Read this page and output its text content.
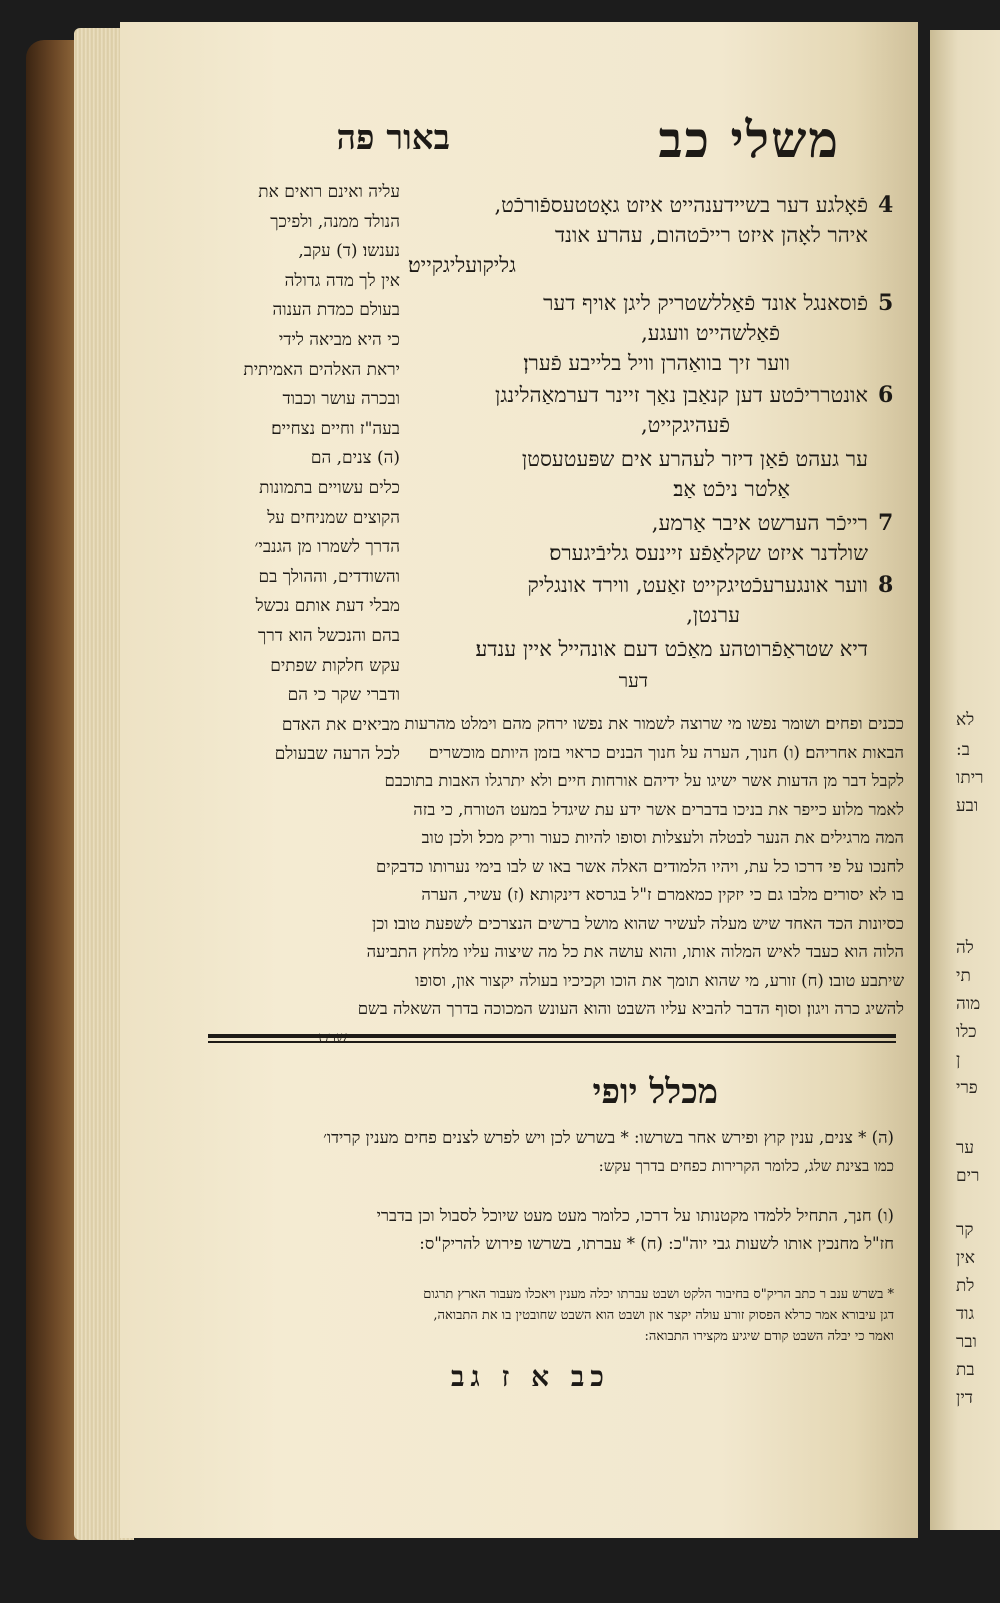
לא
ב:
ריתו
ובע
לה
תי
מוה
כלו
ן
פרי
ער
רים
קר
אין
לת
גוד
ובר
בת
דין
משלי כב
באור פה
4
פֿאָלגע דער בשיידענהייט איזט גאָטטעספֿורכֿט,
איהר לאָהן איזט רייכֿטהום, עהרע אונד
גליקועליגקייט׃
5
פֿוסאנגל אונד פֿאַללשטריק ליגן אויף דער
פֿאַלשהייט וועגע,
ווער זיך בוואַהרן וויל בלייבע פֿערן׃
6
אונטרריכֿטע דען קנאַבן נאַך זיינר דערמאַהלינגן
פֿעהיגקייט,
ער געהט פֿאַן דיזר לעהרע אים שפּעטעסטן
אַלטר ניכֿט אַב׃
7
רייכֿר הערשט איבר אַרמע,
שולדנר איזט שקלאַפֿע זיינעס גליבֿיגערס׃
8
ווער אונגערעכֿטיגקייט זאַעט, ווירד אונגליק
ערנטן,
דיא שטראַפֿרוטהע מאַכֿט דעם אונהייל איין ענדע׃
דער
עליה ואינם רואים את
הנולד ממנה, ולפיכך
נענשו׃ (ד) עקב,
אין לך מדה גדולה
בעולם כמדת הענוה
כי היא מביאה לידי
יראת האלהים האמיתית
ובכרה עושר וכבוד
בעה"ז וחיים נצחיים׃
(ה) צנים, הם
כלים עשויים בתמונות
הקוצים שמניחים על
הדרך לשמרו מן הגנבי׳
והשודדים, וההולך בם
מבלי דעת אותם נכשל
בהם והנכשל הוא דרך
עקש חלקות שפתים
ודברי שקר כי הם
מביאים את האדם
לכל הרעה שבעולם
ככנים ופחים׃ ושומר נפשו מי שרוצה לשמור את נפשו ירחק מהם וימלט מהרעות
הבאות אחריהם׃ (ו) חנוך, הערה על חנוך הבנים כראוי בזמן היותם מוכשרים
לקבל דבר מן הדעות אשר ישיגו על ידיהם אורחות חיים׃ ולא יתרגלו האבות בתוכבם
לאמר מלוע כייפר את בניכו בדברים אשר ידע עת שיגדל במעט הטורח, כי בזה
המה מרגילים את הנער לבטלה ולעצלות וסופו להיות כעור וריק מכל׃ ולכן טוב
לחנכו על פי דרכו כל עת, ויהיו הלמודים האלה אשר באו ש לבו בימי נערותו כדבקים
בו לא יסורים מלבו גם כי יזקין כמאמרם ז"ל בגרסא דינקותא׃ (ז) עשיר, הערה
כסיונות הכד האחד שיש מעלה לעשיר שהוא מושל ברשים הנצרכים לשפעת טובו׃ וכן
הלוה הוא כעבד לאיש המלוה אותו, והוא עושה את כל מה שיצוה עליו מלחץ התביעה
שיתבע טובו׃ (ח) זורע, מי שהוא תומך את הוכו וקכיכיו בעולה יקצור און, וסופו
להשיג כרה ויגון׃ וסוף הדבר להביא עליו השבט והוא העונש המכוכה בדרך השאלה בשם
מכלל יופי
(ה) * צנים, ענין קוץ ופירש אחר בשרשו: * בשרש לכן ויש לפרש לצנים פחים מענין קרידו׳
כמו בצינת שלג, כלומר הקרירות כפחים בדרך עקש:
(ו) חנך, התחיל ללמדו מקטנותו על דרכו, כלומר מעט מעט שיוכל לסבול וכן בדברי
חז"ל מחנכין אותו לשעות גבי יוה"כ: (ח) * עברתו, בשרשו פירוש להריק"ס:
* בשרש ענב ר כתב הריק"ס בחיבור הלקט ושבט עברתו יכלה מענין ויאכלו מעבור הארץ תרגום
דגן עיבורא אמר כרלא הפסוק זורע עולה יקצר און ושבט הוא השבט שחובטין בו את התבואה,
ואמר כי יבלה השבט קודם שיגיע מקצירו התבואה:
כב א ז גב
